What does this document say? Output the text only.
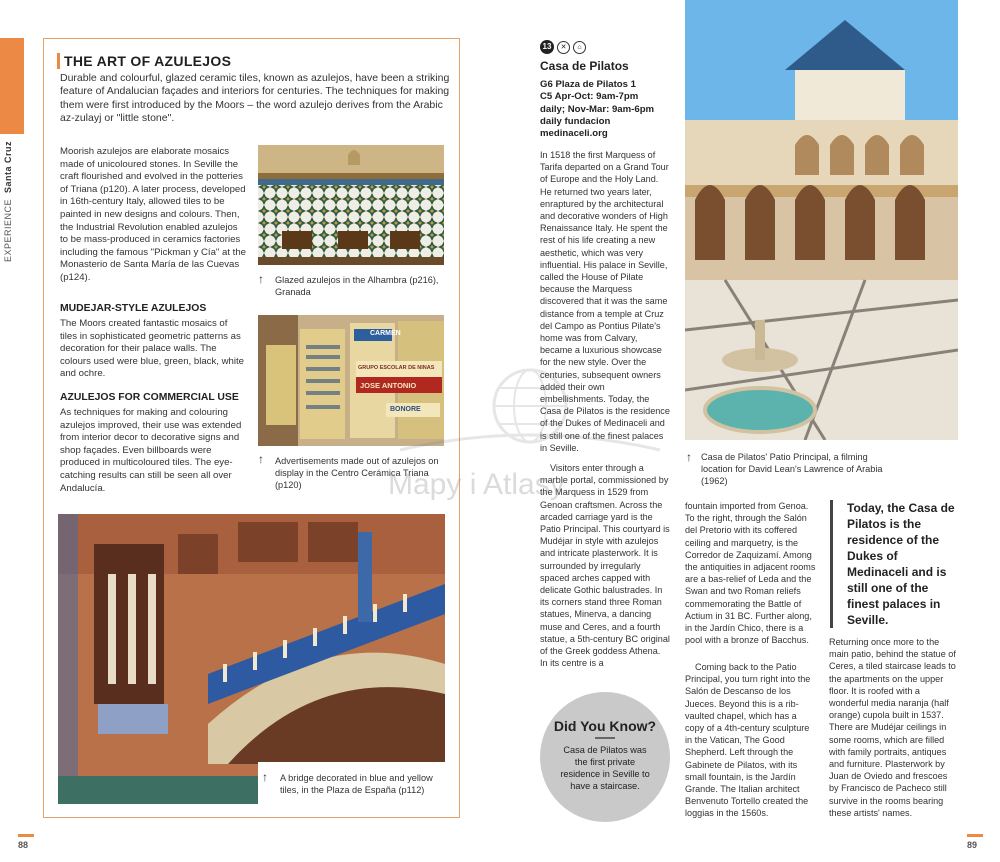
EXPERIENCE  Santa Cruz
THE ART OF AZULEJOS
Durable and colourful, glazed ceramic tiles, known as azulejos, have been a striking feature of Andalucian façades and interiors for centuries. The techniques for making them were first introduced by the Moors – the word azulejo derives from the Arabic az-zulayj or "little stone".
Moorish azulejos are elaborate mosaics made of unicoloured stones. In Seville the craft flourished and evolved in the potteries of Triana (p120). A later process, developed in 16th-century Italy, allowed tiles to be painted in new designs and colours. Then, the Industrial Revolution enabled azulejos to be mass-produced in ceramics factories including the famous "Pickman y Cía" at the Monasterio de Santa María de las Cuevas (p124).
MUDEJAR-STYLE AZULEJOS
The Moors created fantastic mosaics of tiles in sophisticated geometric patterns as decoration for their palace walls. The colours used were blue, green, black, white and ochre.
AZULEJOS FOR COMMERCIAL USE
As techniques for making and colouring azulejos improved, their use was extended from interior decor to decorative signs and shop façades. Even billboards were produced in multicoloured tiles. The eye-catching results can still be seen all over Andalucía.
↑ Glazed azulejos in the Alhambra (p216), Granada
CARMEN
GRUPO ESCOLAR DE NIÑAS
JOSE ANTONIO
BONORE
↑ Advertisements made out of azulejos on display in the Centro Cerámica Triana (p120)
↑ A bridge decorated in blue and yellow tiles, in the Plaza de España (p112)
88
13	✕	⌂
Casa de Pilatos
G6 Plaza de Pilatos 1
C5 Apr-Oct: 9am-7pm
daily; Nov-Mar: 9am-6pm
daily fundacion
medinaceli.org
In 1518 the first Marquess of Tarifa departed on a Grand Tour of Europe and the Holy Land. He returned two years later, enraptured by the architectural and decorative wonders of High Renaissance Italy. He spent the rest of his life creating a new aesthetic, which was very influential. His palace in Seville, called the House of Pilate because the Marquess discovered that it was the same distance from a temple at Cruz del Campo as Pontius Pilate's home was from Calvary, became a luxurious showcase for the new style. Over the centuries, subsequent owners added their own embellishments. Today, the Casa de Pilatos is the residence of the Dukes of Medinaceli and is still one of the finest palaces in Seville.
Visitors enter through a marble portal, commissioned by the Marquess in 1529 from Genoan craftsmen. Across the arcaded carriage yard is the Patio Principal. This courtyard is Mudéjar in style with azulejos and intricate plasterwork. It is surrounded by irregularly spaced arches capped with delicate Gothic balustrades. In its corners stand three Roman statues, Minerva, a dancing muse and Ceres, and a fourth statue, a 5th-century BC original of the Greek goddess Athena. In its centre is a
↑ Casa de Pilatos' Patio Principal, a filming location for David Lean's Lawrence of Arabia (1962)
fountain imported from Genoa. To the right, through the Salón del Pretorio with its coffered ceiling and marquetry, is the Corredor de Zaquizamí. Among the antiquities in adjacent rooms are a bas-relief of Leda and the Swan and two Roman reliefs commemorating the Battle of Actium in 31 BC. Further along, in the Jardín Chico, there is a pool with a bronze of Bacchus.
Coming back to the Patio Principal, you turn right into the Salón de Descanso de los Jueces. Beyond this is a rib-vaulted chapel, which has a copy of a 4th-century sculpture in the Vatican, The Good Shepherd. Left through the Gabinete de Pilatos, with its small fountain, is the Jardín Grande. The Italian architect Benvenuto Tortello created the loggias in the 1560s.
Today, the Casa de Pilatos is the residence of the Dukes of Medinaceli and is still one of the finest palaces in Seville.
Returning once more to the main patio, behind the statue of Ceres, a tiled staircase leads to the apartments on the upper floor. It is roofed with a wonderful media naranja (half orange) cupola built in 1537. There are Mudéjar ceilings in some rooms, which are filled with family portraits, antiques and furniture. Plasterwork by Juan de Oviedo and frescoes by Francisco de Pacheco still survive in the rooms bearing these artists' names.
Did You Know?
Casa de Pilatos was the first private residence in Seville to have a staircase.
89
Mapy i Atlasy
